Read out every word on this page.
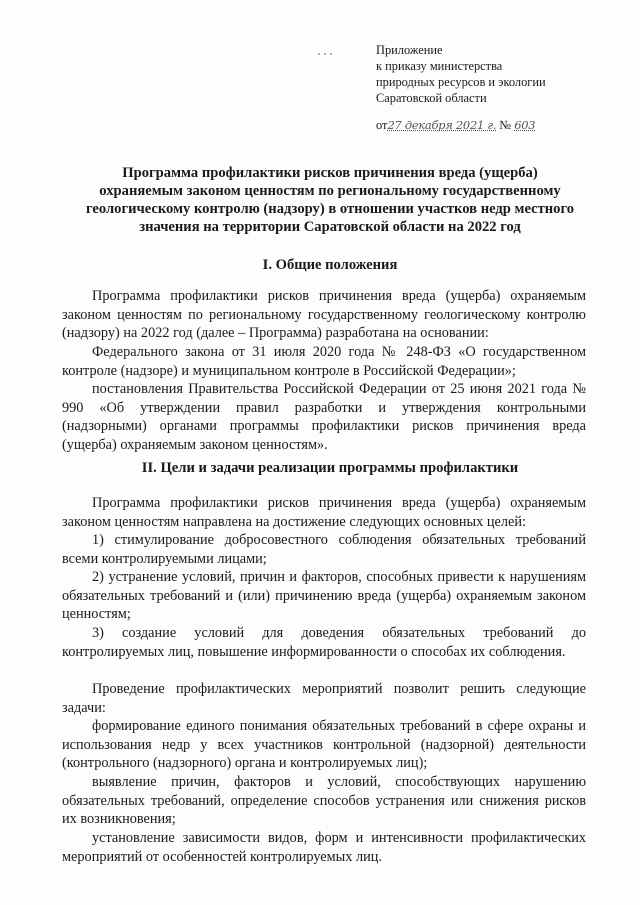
Приложение
к приказу министерства
природных ресурсов и экологии
Саратовской области
от27 декабря 2021 г. № 603
Программа профилактики рисков причинения вреда (ущерба)
охраняемым законом ценностям по региональному государственному
геологическому контролю (надзору) в отношении участков недр местного
значения на территории Саратовской области на 2022 год
I. Общие положения
Программа профилактики рисков причинения вреда (ущерба) охраняемым законом ценностям по региональному государственному геологическому контролю (надзору) на 2022 год (далее – Программа) разработана на основании:
Федерального закона от 31 июля 2020 года № 248-ФЗ «О государственном контроле (надзоре) и муниципальном контроле в Российской Федерации»;
постановления Правительства Российской Федерации от 25 июня 2021 года № 990 «Об утверждении правил разработки и утверждения контрольными (надзорными) органами программы профилактики рисков причинения вреда (ущерба) охраняемым законом ценностям».
II. Цели и задачи реализации программы профилактики
Программа профилактики рисков причинения вреда (ущерба) охраняемым законом ценностям направлена на достижение следующих основных целей:
1) стимулирование добросовестного соблюдения обязательных требований всеми контролируемыми лицами;
2) устранение условий, причин и факторов, способных привести к нарушениям обязательных требований и (или) причинению вреда (ущерба) охраняемым законом ценностям;
3) создание условий для доведения обязательных требований до контролируемых лиц, повышение информированности о способах их соблюдения.
Проведение профилактических мероприятий позволит решить следующие задачи:
формирование единого понимания обязательных требований в сфере охраны и использования недр у всех участников контрольной (надзорной) деятельности (контрольного (надзорного) органа и контролируемых лиц);
выявление причин, факторов и условий, способствующих нарушению обязательных требований, определение способов устранения или снижения рисков их возникновения;
установление зависимости видов, форм и интенсивности профилактических мероприятий от особенностей контролируемых лиц.
